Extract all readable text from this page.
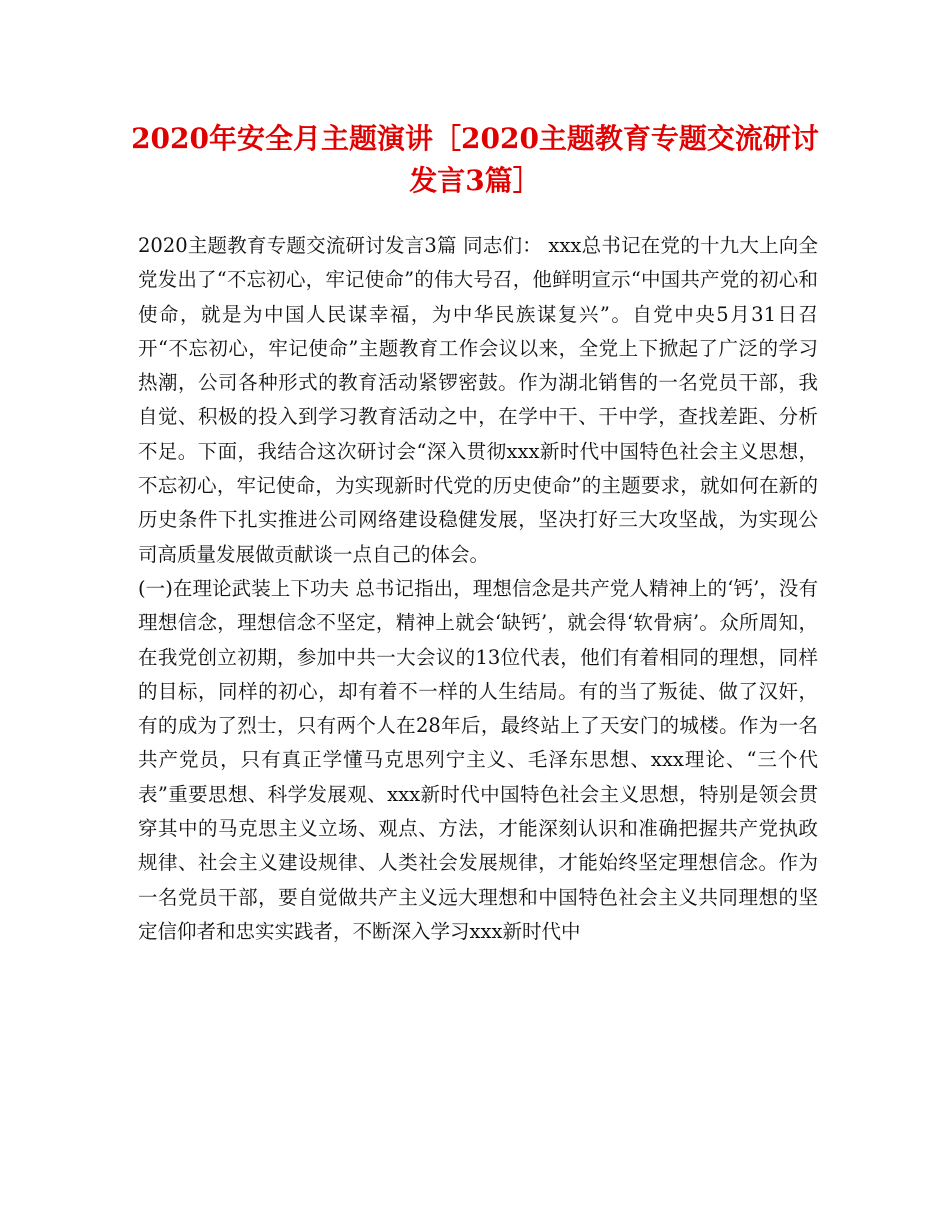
2020年安全月主题演讲［2020主题教育专题交流研讨
发言3篇］

2020主题教育专题交流研讨发言3篇 同志们： xxx总书记在党的十九大上向全党发出了“不忘初心，牢记使命”的伟大号召，他鲜明宣示“中国共产党的初心和使命，就是为中国人民谋幸福，为中华民族谋复兴”。自党中央5月31日召开“不忘初心，牢记使命”主题教育工作会议以来，全党上下掀起了广泛的学习热潮，公司各种形式的教育活动紧锣密鼓。作为湖北销售的一名党员干部，我自觉、积极的投入到学习教育活动之中，在学中干、干中学，查找差距、分析不足。下面，我结合这次研讨会“深入贯彻xxx新时代中国特色社会主义思想，不忘初心，牢记使命，为实现新时代党的历史使命”的主题要求，就如何在新的历史条件下扎实推进公司网络建设稳健发展，坚决打好三大攻坚战，为实现公司高质量发展做贡献谈一点自己的体会。

(一)在理论武装上下功夫 总书记指出，理想信念是共产党人精神上的‘钙’，没有理想信念，理想信念不坚定，精神上就会‘缺钙’，就会得‘软骨病’。众所周知，在我党创立初期，参加中共一大会议的13位代表，他们有着相同的理想，同样的目标，同样的初心，却有着不一样的人生结局。有的当了叛徒、做了汉奸，有的成为了烈士，只有两个人在28年后，最终站上了天安门的城楼。作为一名共产党员，只有真正学懂马克思列宁主义、毛泽东思想、xxx理论、“三个代表”重要思想、科学发展观、xxx新时代中国特色社会主义思想，特别是领会贯穿其中的马克思主义立场、观点、方法，才能深刻认识和准确把握共产党执政规律、社会主义建设规律、人类社会发展规律，才能始终坚定理想信念。作为一名党员干部，要自觉做共产主义远大理想和中国特色社会主义共同理想的坚定信仰者和忠实实践者，不断深入学习xxx新时代中
